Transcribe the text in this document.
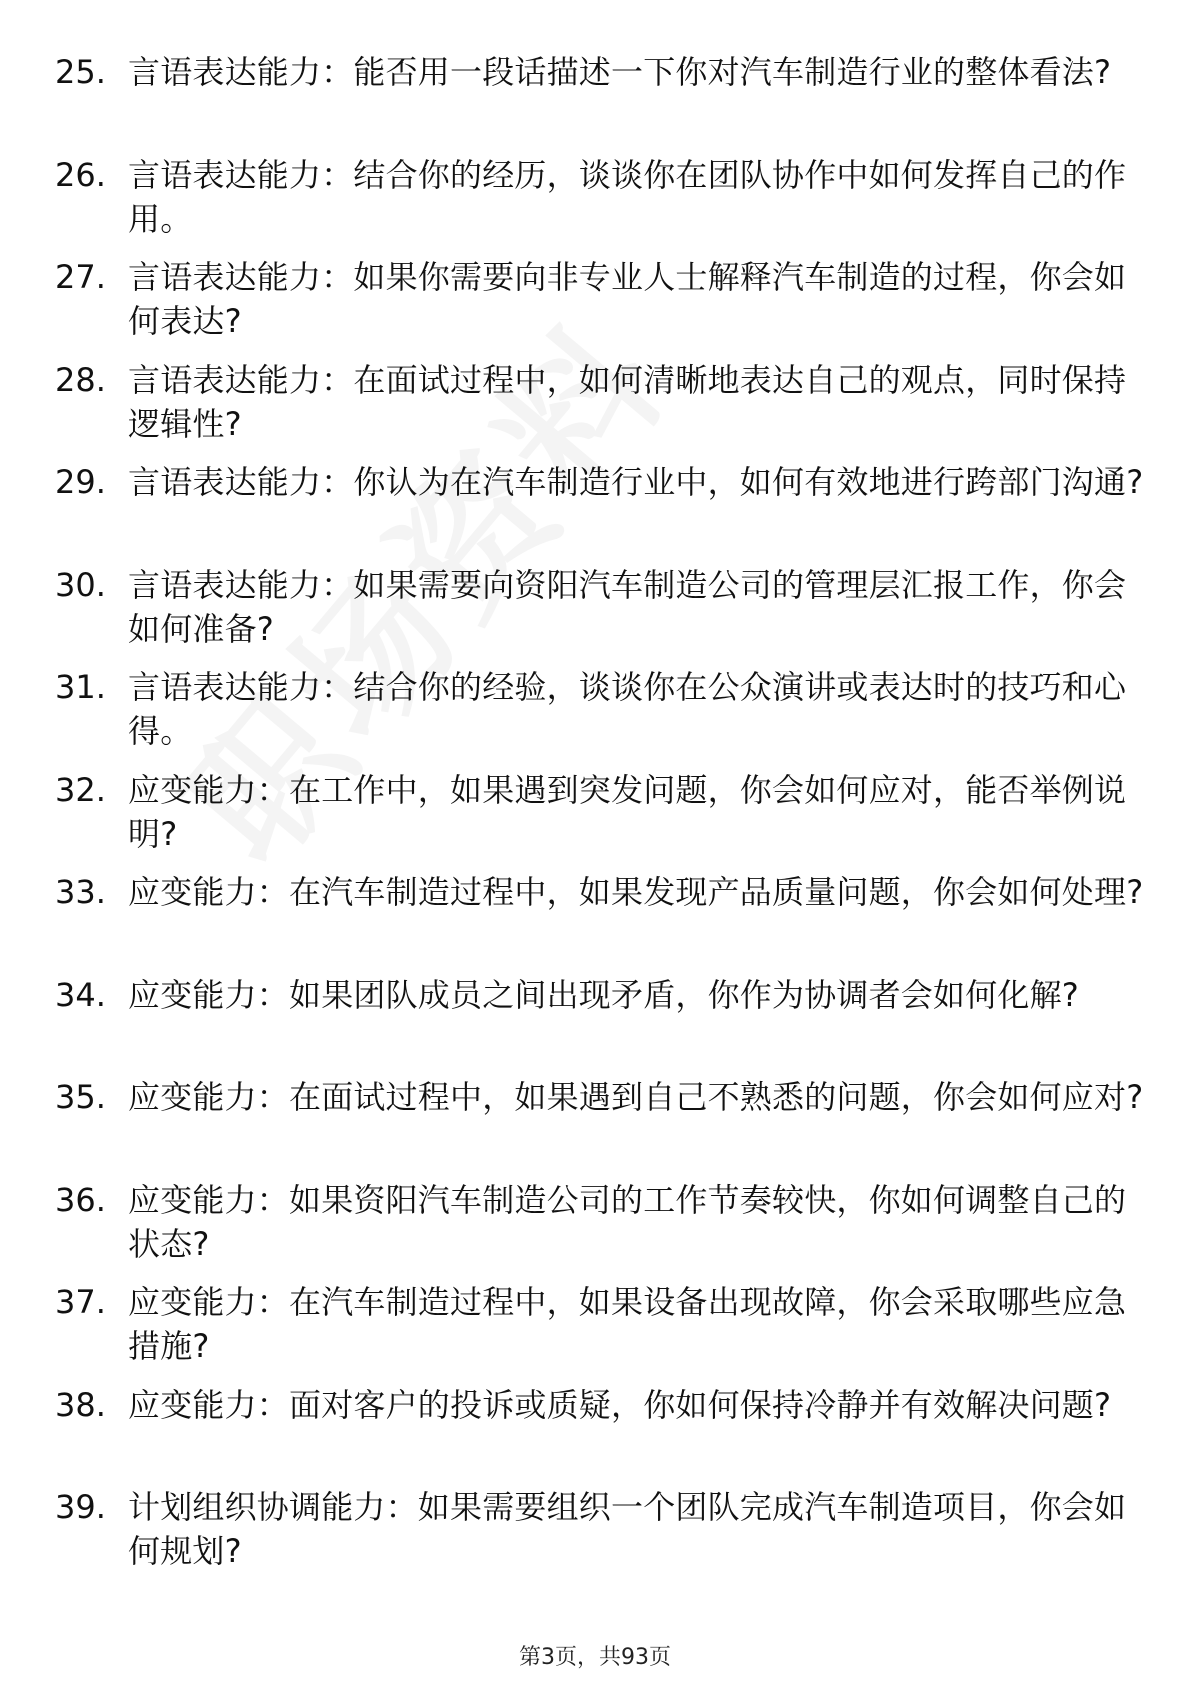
25. 言语表达能力：能否用一段话描述一下你对汽车制造行业的整体看法?
26. 言语表达能力：结合你的经历，谈谈你在团队协作中如何发挥自己的作用。
27. 言语表达能力：如果你需要向非专业人士解释汽车制造的过程，你会如何表达?
28. 言语表达能力：在面试过程中，如何清晰地表达自己的观点，同时保持逻辑性?
29. 言语表达能力：你认为在汽车制造行业中，如何有效地进行跨部门沟通?
30. 言语表达能力：如果需要向资阳汽车制造公司的管理层汇报工作，你会如何准备?
31. 言语表达能力：结合你的经验，谈谈你在公众演讲或表达时的技巧和心得。
32. 应变能力：在工作中，如果遇到突发问题，你会如何应对，能否举例说明?
33. 应变能力：在汽车制造过程中，如果发现产品质量问题，你会如何处理?
34. 应变能力：如果团队成员之间出现矛盾，你作为协调者会如何化解?
35. 应变能力：在面试过程中，如果遇到自己不熟悉的问题，你会如何应对?
36. 应变能力：如果资阳汽车制造公司的工作节奏较快，你如何调整自己的状态?
37. 应变能力：在汽车制造过程中，如果设备出现故障，你会采取哪些应急措施?
38. 应变能力：面对客户的投诉或质疑，你如何保持冷静并有效解决问题?
39. 计划组织协调能力：如果需要组织一个团队完成汽车制造项目，你会如何规划?
第3页，共93页
